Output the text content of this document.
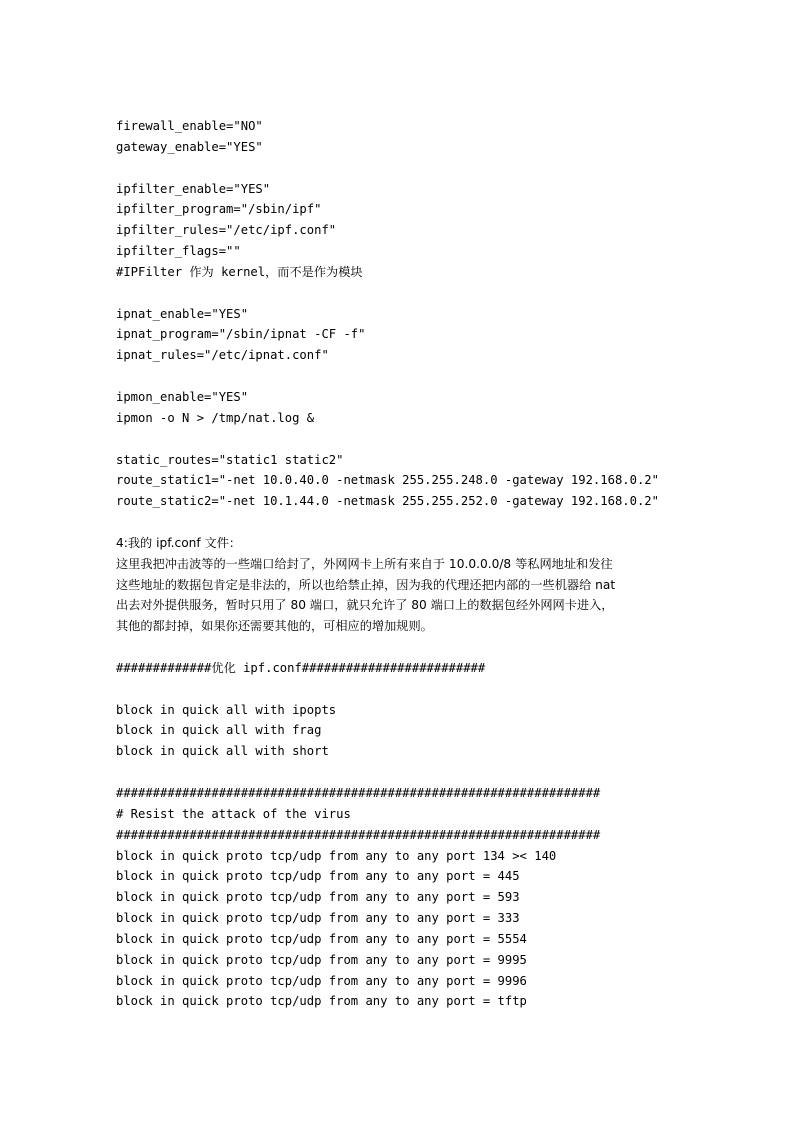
firewall_enable="NO"
gateway_enable="YES"
ipfilter_enable="YES"
ipfilter_program="/sbin/ipf"
ipfilter_rules="/etc/ipf.conf"
ipfilter_flags=""
#IPFilter 作为 kernel，而不是作为模块
ipnat_enable="YES"
ipnat_program="/sbin/ipnat -CF -f"
ipnat_rules="/etc/ipnat.conf"
ipmon_enable="YES"
ipmon -o N > /tmp/nat.log &
static_routes="static1 static2"
route_static1="-net 10.0.40.0 -netmask 255.255.248.0 -gateway 192.168.0.2"
route_static2="-net 10.1.44.0 -netmask 255.255.252.0 -gateway 192.168.0.2"
4:我的 ipf.conf 文件：
这里我把冲击波等的一些端口给封了，外网网卡上所有来自于 10.0.0.0/8 等私网地址和发往
这些地址的数据包肯定是非法的，所以也给禁止掉，因为我的代理还把内部的一些机器给 nat
出去对外提供服务，暂时只用了 80 端口，就只允许了 80 端口上的数据包经外网网卡进入，
其他的都封掉，如果你还需要其他的，可相应的增加规则。
#############优化 ipf.conf#########################
block in quick all with ipopts
block in quick all with frag
block in quick all with short
##################################################################
# Resist the attack of the virus
##################################################################
block in quick proto tcp/udp from any to any port 134 >< 140
block in quick proto tcp/udp from any to any port = 445
block in quick proto tcp/udp from any to any port = 593
block in quick proto tcp/udp from any to any port = 333
block in quick proto tcp/udp from any to any port = 5554
block in quick proto tcp/udp from any to any port = 9995
block in quick proto tcp/udp from any to any port = 9996
block in quick proto tcp/udp from any to any port = tftp
